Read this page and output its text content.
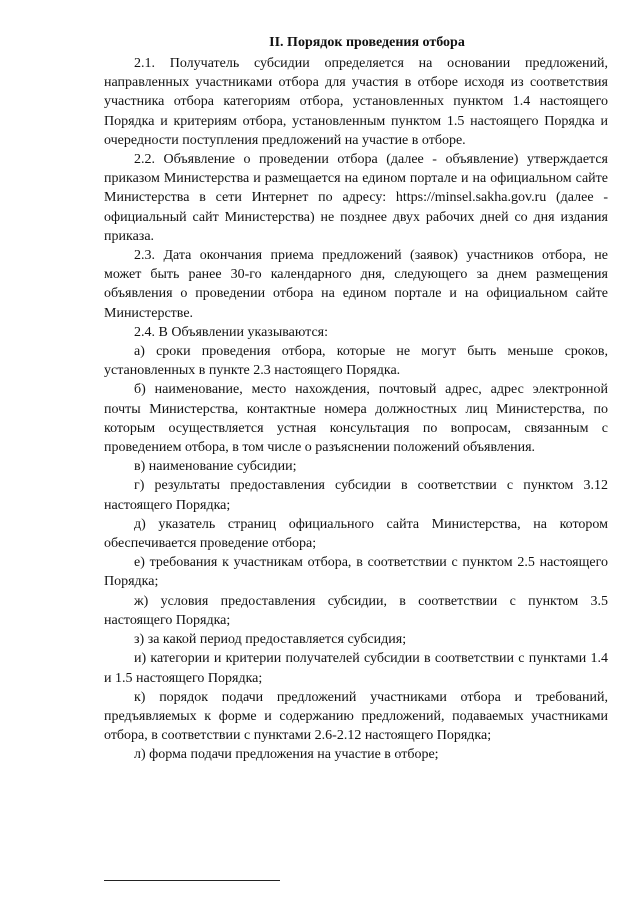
II. Порядок проведения отбора

2.1. Получатель субсидии определяется на основании предложений, направленных участниками отбора для участия в отборе исходя из соответствия участника отбора категориям отбора, установленных пунктом 1.4 настоящего Порядка и критериям отбора, установленным пунктом 1.5 настоящего Порядка и очередности поступления предложений на участие в отборе.

2.2. Объявление о проведении отбора (далее - объявление) утверждается приказом Министерства и размещается на едином портале и на официальном сайте Министерства в сети Интернет по адресу: https://minsel.sakha.gov.ru (далее - официальный сайт Министерства) не позднее двух рабочих дней со дня издания приказа.

2.3. Дата окончания приема предложений (заявок) участников отбора, не может быть ранее 30-го календарного дня, следующего за днем размещения объявления о проведении отбора на едином портале и на официальном сайте Министерстве.

2.4. В Объявлении указываются:

а) сроки проведения отбора, которые не могут быть меньше сроков, установленных в пункте 2.3 настоящего Порядка.

б) наименование, место нахождения, почтовый адрес, адрес электронной почты Министерства, контактные номера должностных лиц Министерства, по которым осуществляется устная консультация по вопросам, связанным с проведением отбора, в том числе о разъяснении положений объявления.

в) наименование субсидии;

г) результаты предоставления субсидии в соответствии с пунктом 3.12 настоящего Порядка;

д) указатель страниц официального сайта Министерства, на котором обеспечивается проведение отбора;

е) требования к участникам отбора, в соответствии с пунктом 2.5 настоящего Порядка;

ж) условия предоставления субсидии, в соответствии с пунктом 3.5 настоящего Порядка;

з) за какой период предоставляется субсидия;

и) категории и критерии получателей субсидии в соответствии с пунктами 1.4 и 1.5 настоящего Порядка;

к) порядок подачи предложений участниками отбора и требований, предъявляемых к форме и содержанию предложений, подаваемых участниками отбора, в соответствии с пунктами 2.6-2.12 настоящего Порядка;

л) форма подачи предложения на участие в отборе;
